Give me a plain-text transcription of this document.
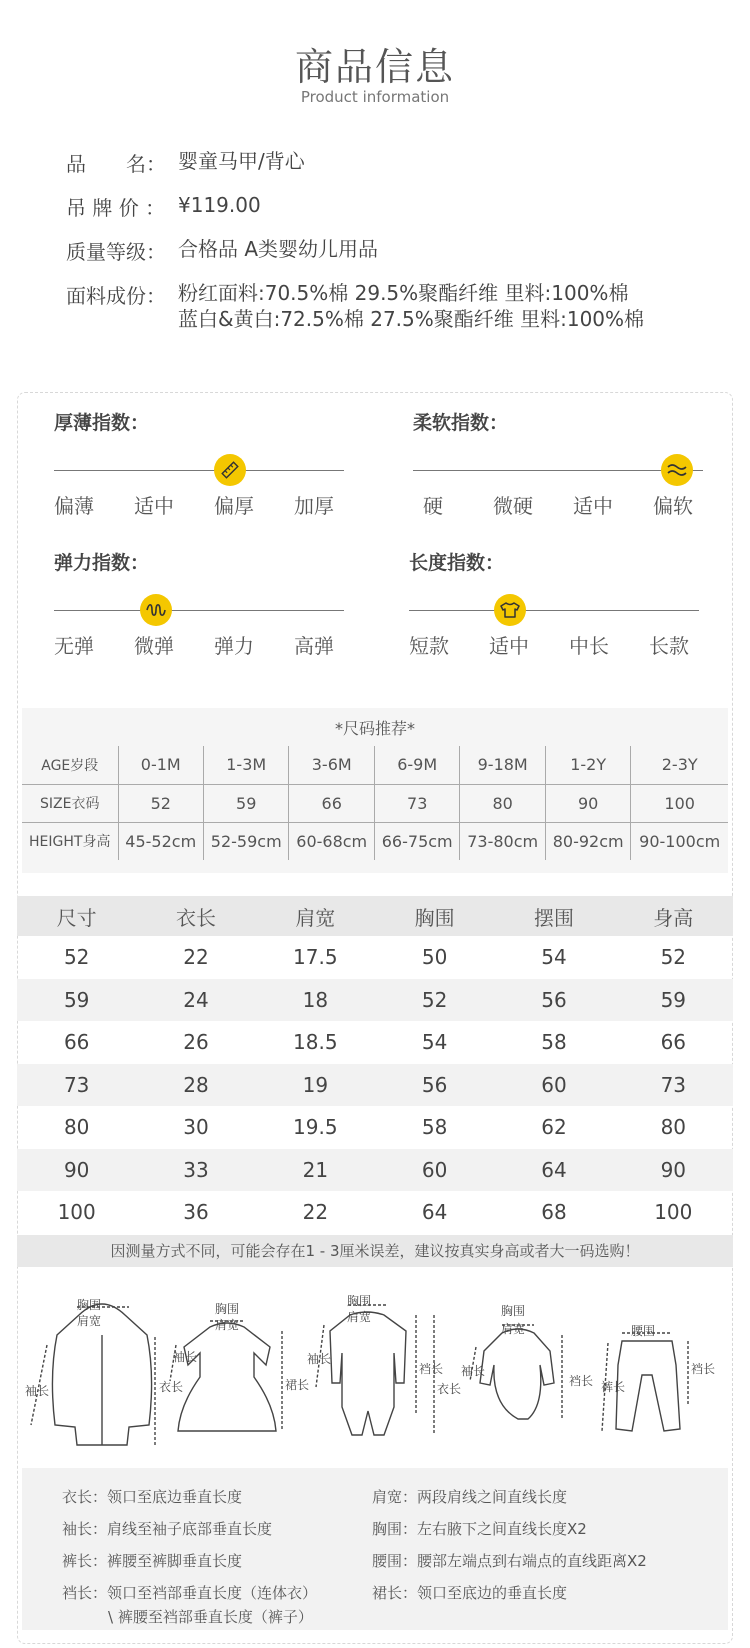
商品信息
Product information
品　　名： 婴童马甲/背心
吊 牌 价 ： ¥119.00
质量等级： 合格品 A类婴幼儿用品
面料成份： 粉红面料:70.5%棉 29.5%聚酯纤维 里料:100%棉
蓝白&黄白:72.5%棉 27.5%聚酯纤维 里料:100%棉
厚薄指数：
偏薄 适中 偏厚 加厚
柔软指数：
硬	微硬 适中 偏软
弹力指数：
无弹 微弹 弹力 高弹
长度指数：
短款 适中 中长 长款
*尺码推荐*
AGE岁段	0-1M	1-3M	3-6M	6-9M	9-18M	1-2Y	2-3Y
SIZE衣码	52	59	66	73	80	90	100
HEIGHT身高	45-52cm	52-59cm	60-68cm	66-75cm	73-80cm	80-92cm	90-100cm
尺寸	衣长	肩宽	胸围	摆围	身高
52	22	17.5	50	54	52
59	24	18	52	56	59
66	26	18.5	54	58	66
73	28	19	56	60	73
80	30	19.5	58	62	80
90	33	21	60	64	90
100	36	22	64	68	100
因测量方式不同，可能会存在1 - 3厘米误差，建议按真实身高或者大一码选购！
胸围
肩宽
袖长	衣长
胸围
肩宽
袖长
裙长
胸围
肩宽
袖长
裆长
衣长
胸围
肩宽
袖长
裆长
腰围
裤长
裆长
衣长：领口至底边垂直长度	肩宽：两段肩线之间直线长度
袖长：肩线至袖子底部垂直长度	胸围：左右腋下之间直线长度X2
裤长：裤腰至裤脚垂直长度	腰围：腰部左端点到右端点的直线距离X2
裆长：领口至裆部垂直长度（连体衣）
\ 裤腰至裆部垂直长度（裤子）
裙长：领口至底边的垂直长度
